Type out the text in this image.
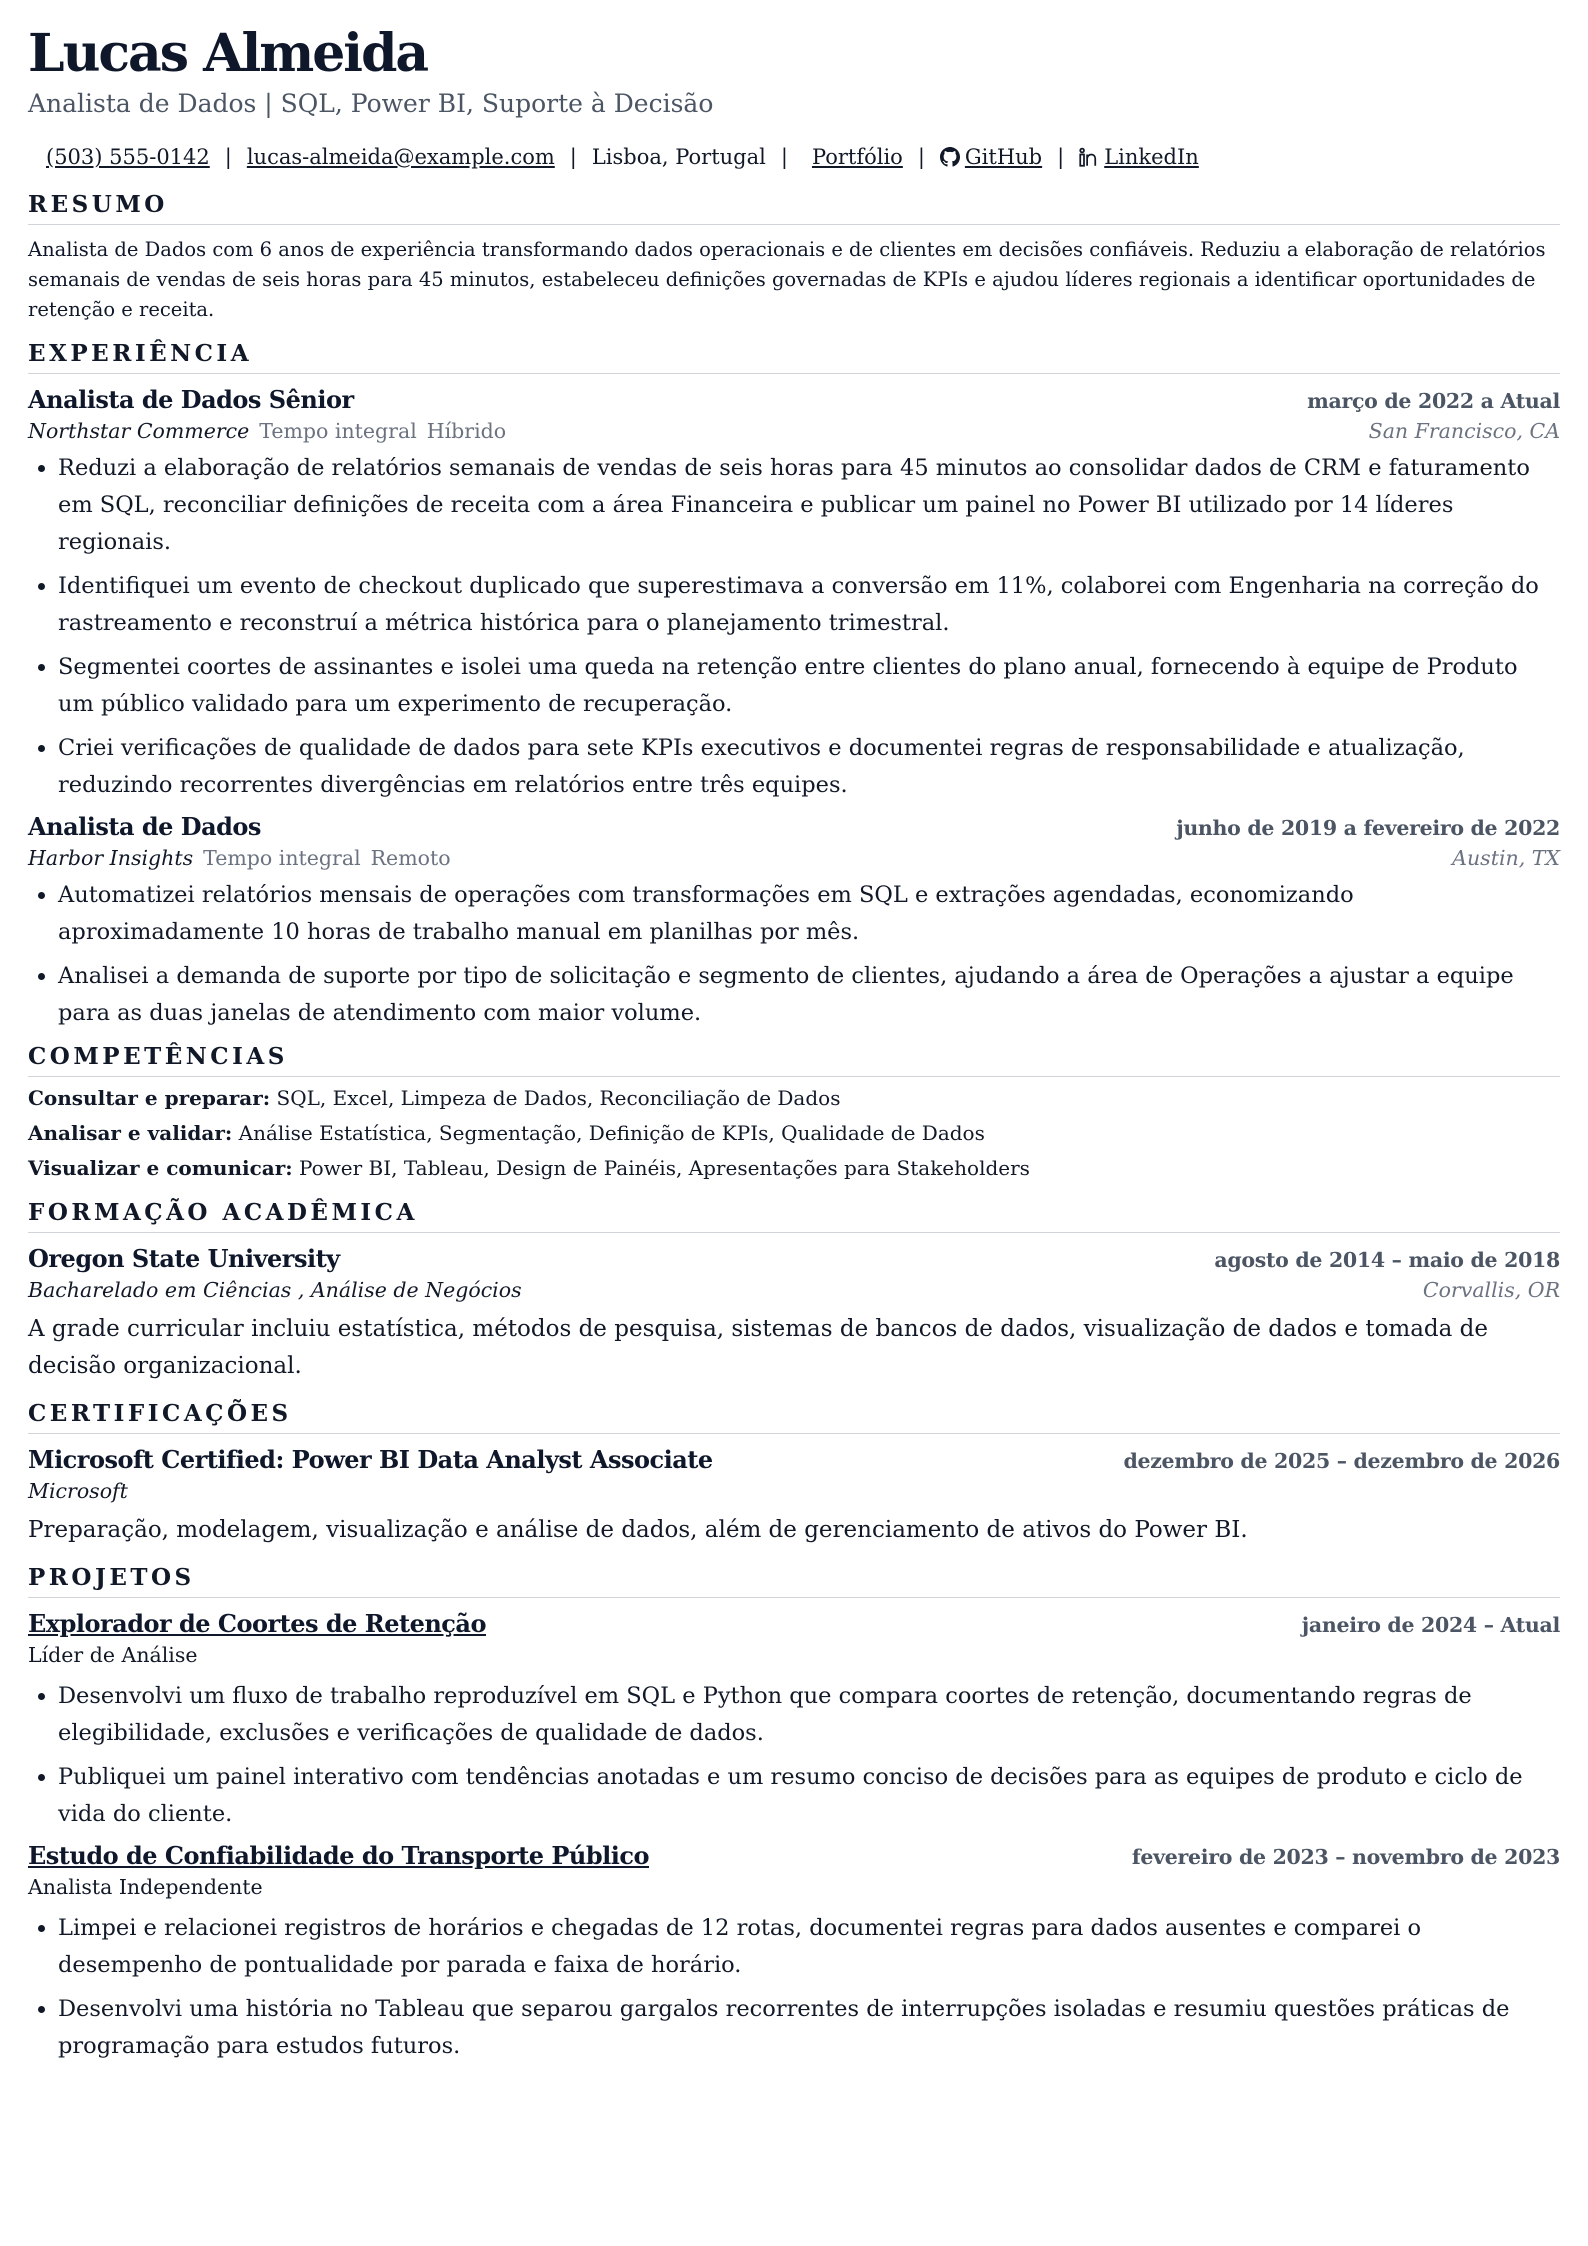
Lucas Almeida
Analista de Dados | SQL, Power BI, Suporte à Decisão
(503) 555-0142 | lucas-almeida@example.com | Lisboa, Portugal | Portfólio | GitHub | LinkedIn
RESUMO
Analista de Dados com 6 anos de experiência transformando dados operacionais e de clientes em decisões confiáveis. Reduziu a elaboração de relatórios semanais de vendas de seis horas para 45 minutos, estabeleceu definições governadas de KPIs e ajudou líderes regionais a identificar oportunidades de retenção e receita.
EXPERIÊNCIA
Analista de Dados Sênior	março de 2022 a Atual
Northstar Commerce Tempo integral Híbrido	San Francisco, CA
• Reduzi a elaboração de relatórios semanais de vendas de seis horas para 45 minutos ao consolidar dados de CRM e faturamento em SQL, reconciliar definições de receita com a área Financeira e publicar um painel no Power BI utilizado por 14 líderes regionais.
• Identifiquei um evento de checkout duplicado que superestimava a conversão em 11%, colaborei com Engenharia na correção do rastreamento e reconstruí a métrica histórica para o planejamento trimestral.
• Segmentei coortes de assinantes e isolei uma queda na retenção entre clientes do plano anual, fornecendo à equipe de Produto um público validado para um experimento de recuperação.
• Criei verificações de qualidade de dados para sete KPIs executivos e documentei regras de responsabilidade e atualização, reduzindo recorrentes divergências em relatórios entre três equipes.
Analista de Dados	junho de 2019 a fevereiro de 2022
Harbor Insights Tempo integral Remoto	Austin, TX
• Automatizei relatórios mensais de operações com transformações em SQL e extrações agendadas, economizando aproximadamente 10 horas de trabalho manual em planilhas por mês.
• Analisei a demanda de suporte por tipo de solicitação e segmento de clientes, ajudando a área de Operações a ajustar a equipe para as duas janelas de atendimento com maior volume.
COMPETÊNCIAS
Consultar e preparar: SQL, Excel, Limpeza de Dados, Reconciliação de Dados
Analisar e validar: Análise Estatística, Segmentação, Definição de KPIs, Qualidade de Dados
Visualizar e comunicar: Power BI, Tableau, Design de Painéis, Apresentações para Stakeholders
FORMAÇÃO ACADÊMICA
Oregon State University	agosto de 2014 – maio de 2018
Bacharelado em Ciências , Análise de Negócios	Corvallis, OR
A grade curricular incluiu estatística, métodos de pesquisa, sistemas de bancos de dados, visualização de dados e tomada de decisão organizacional.
CERTIFICAÇÕES
Microsoft Certified: Power BI Data Analyst Associate	dezembro de 2025 – dezembro de 2026
Microsoft
Preparação, modelagem, visualização e análise de dados, além de gerenciamento de ativos do Power BI.
PROJETOS
Explorador de Coortes de Retenção	janeiro de 2024 – Atual
Líder de Análise
• Desenvolvi um fluxo de trabalho reproduzível em SQL e Python que compara coortes de retenção, documentando regras de elegibilidade, exclusões e verificações de qualidade de dados.
• Publiquei um painel interativo com tendências anotadas e um resumo conciso de decisões para as equipes de produto e ciclo de vida do cliente.
Estudo de Confiabilidade do Transporte Público	fevereiro de 2023 – novembro de 2023
Analista Independente
• Limpei e relacionei registros de horários e chegadas de 12 rotas, documentei regras para dados ausentes e comparei o desempenho de pontualidade por parada e faixa de horário.
• Desenvolvi uma história no Tableau que separou gargalos recorrentes de interrupções isoladas e resumiu questões práticas de programação para estudos futuros.
